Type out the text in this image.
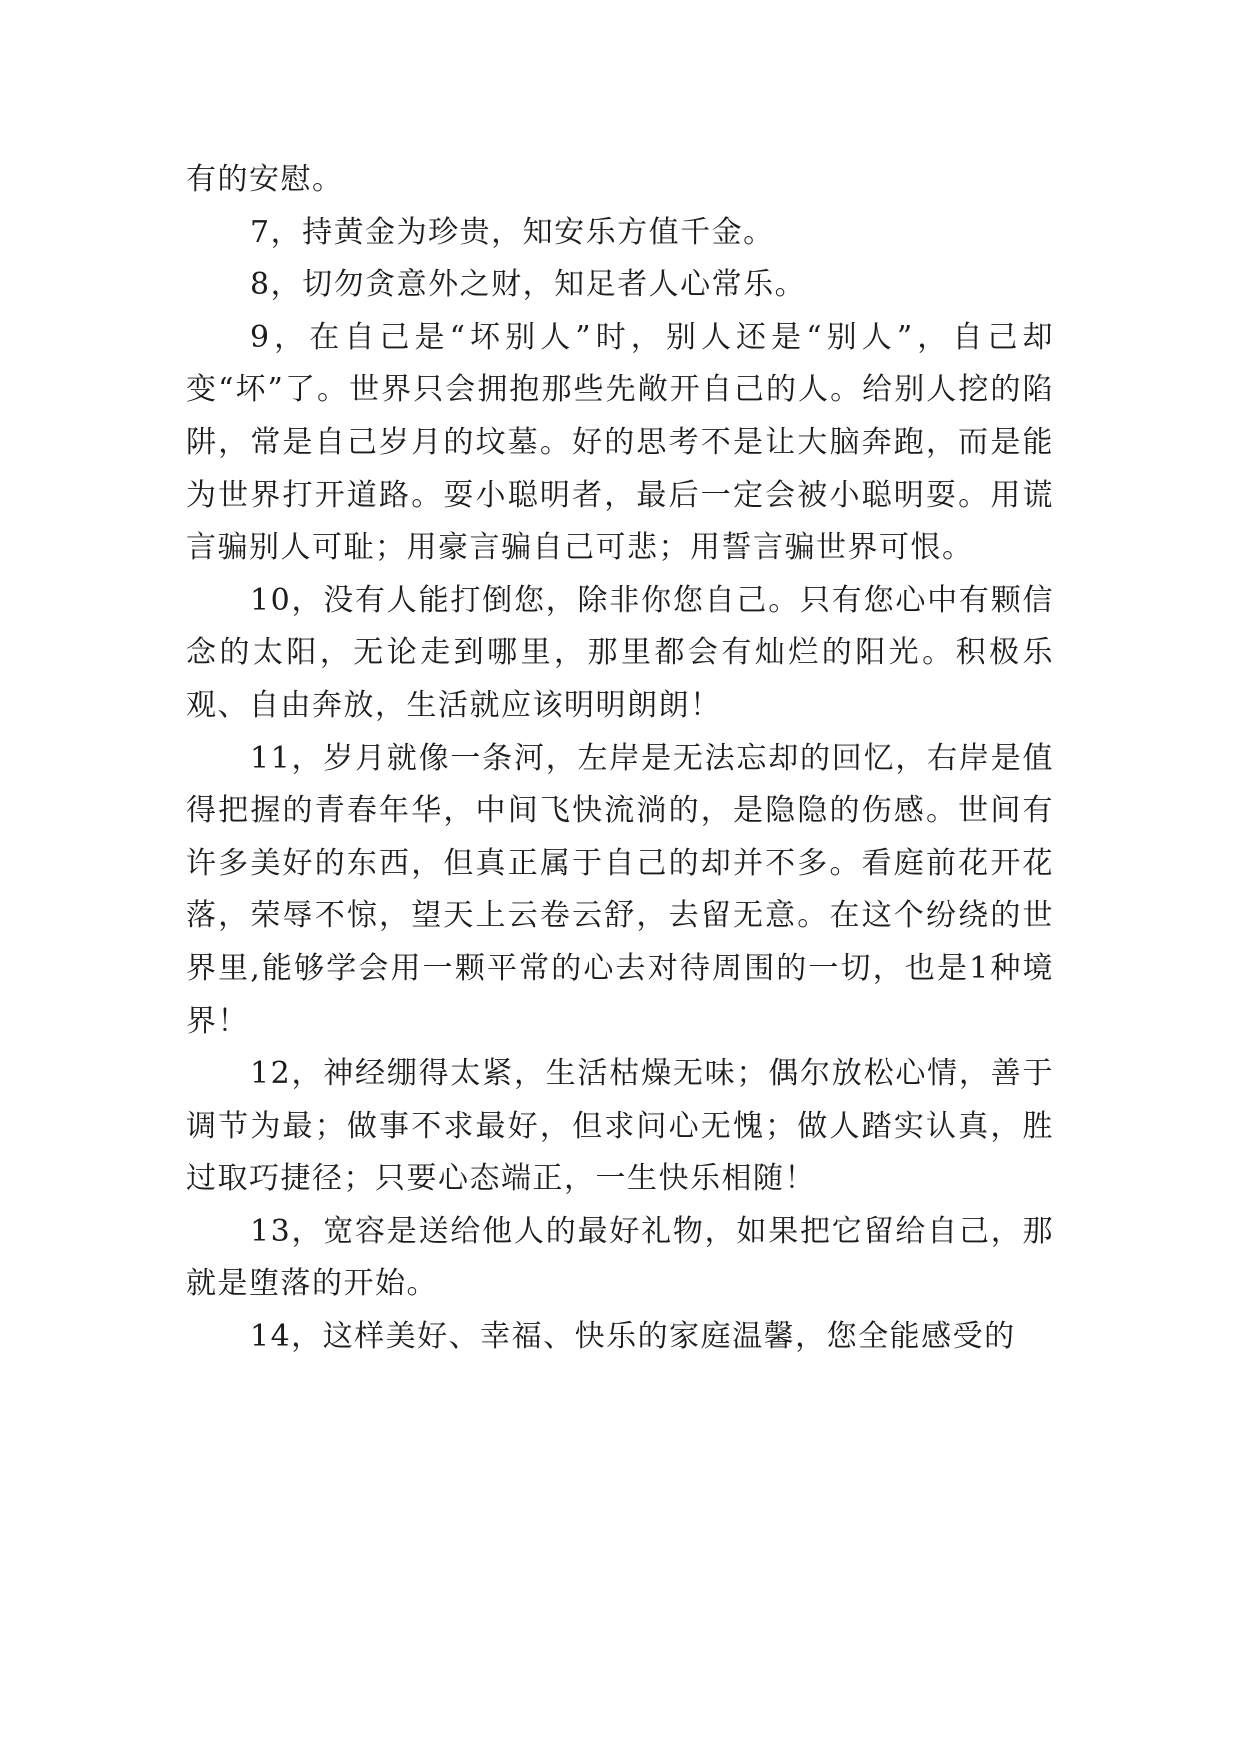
有的安慰。

7，持黄金为珍贵，知安乐方值千金。

8，切勿贪意外之财，知足者人心常乐。

9，在自己是“坏别人”时，别人还是“别人”，自己却变“坏”了。世界只会拥抱那些先敞开自己的人。给别人挖的陷阱，常是自己岁月的坟墓。好的思考不是让大脑奔跑，而是能为世界打开道路。耍小聪明者，最后一定会被小聪明耍。用谎言骗别人可耻；用豪言骗自己可悲；用誓言骗世界可恨。

10，没有人能打倒您，除非你您自己。只有您心中有颗信念的太阳，无论走到哪里，那里都会有灿烂的阳光。积极乐观、自由奔放，生活就应该明明朗朗！

11，岁月就像一条河，左岸是无法忘却的回忆，右岸是值得把握的青春年华，中间飞快流淌的，是隐隐的伤感。世间有许多美好的东西，但真正属于自己的却并不多。看庭前花开花落，荣辱不惊，望天上云卷云舒，去留无意。在这个纷绕的世界里,能够学会用一颗平常的心去对待周围的一切，也是1种境界！

12，神经绷得太紧，生活枯燥无味；偶尔放松心情，善于调节为最；做事不求最好，但求问心无愧；做人踏实认真，胜过取巧捷径；只要心态端正，一生快乐相随！

13，宽容是送给他人的最好礼物，如果把它留给自己，那就是堕落的开始。

14，这样美好、幸福、快乐的家庭温馨，您全能感受的
